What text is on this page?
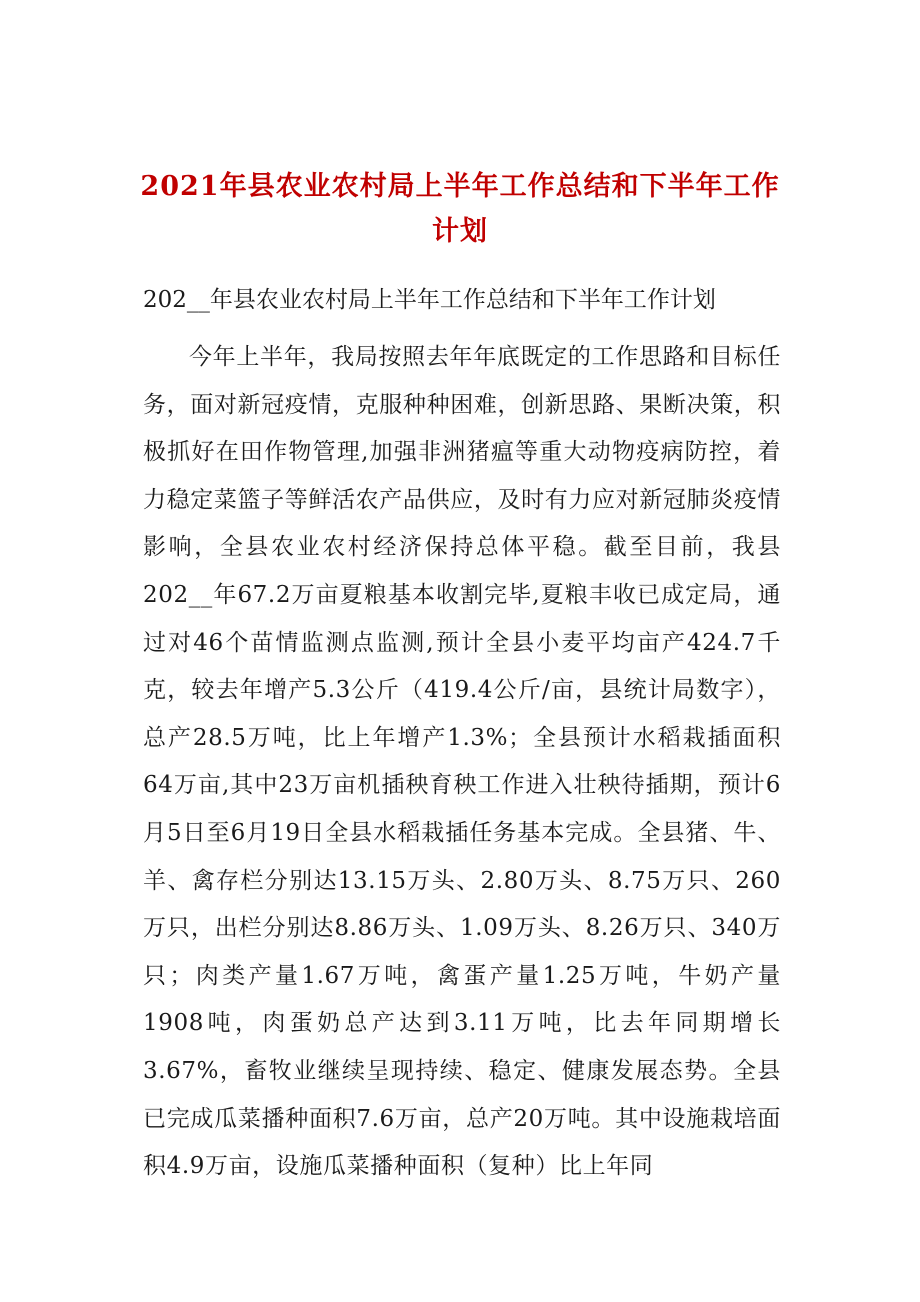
2021年县农业农村局上半年工作总结和下半年工作计划

202__年县农业农村局上半年工作总结和下半年工作计划

今年上半年，我局按照去年年底既定的工作思路和目标任务，面对新冠疫情，克服种种困难，创新思路、果断决策，积极抓好在田作物管理,加强非洲猪瘟等重大动物疫病防控，着力稳定菜篮子等鲜活农产品供应，及时有力应对新冠肺炎疫情影响，全县农业农村经济保持总体平稳。截至目前，我县202__年67.2万亩夏粮基本收割完毕,夏粮丰收已成定局，通过对46个苗情监测点监测,预计全县小麦平均亩产424.7千克，较去年增产5.3公斤（419.4公斤/亩，县统计局数字），总产28.5万吨，比上年增产1.3%；全县预计水稻栽插面积64万亩,其中23万亩机插秧育秧工作进入壮秧待插期，预计6月5日至6月19日全县水稻栽插任务基本完成。全县猪、牛、羊、禽存栏分别达13.15万头、2.80万头、8.75万只、260万只，出栏分别达8.86万头、1.09万头、8.26万只、340万只；肉类产量1.67万吨，禽蛋产量1.25万吨，牛奶产量1908吨，肉蛋奶总产达到3.11万吨，比去年同期增长3.67%，畜牧业继续呈现持续、稳定、健康发展态势。全县已完成瓜菜播种面积7.6万亩，总产20万吨。其中设施栽培面积4.9万亩，设施瓜菜播种面积（复种）比上年同
